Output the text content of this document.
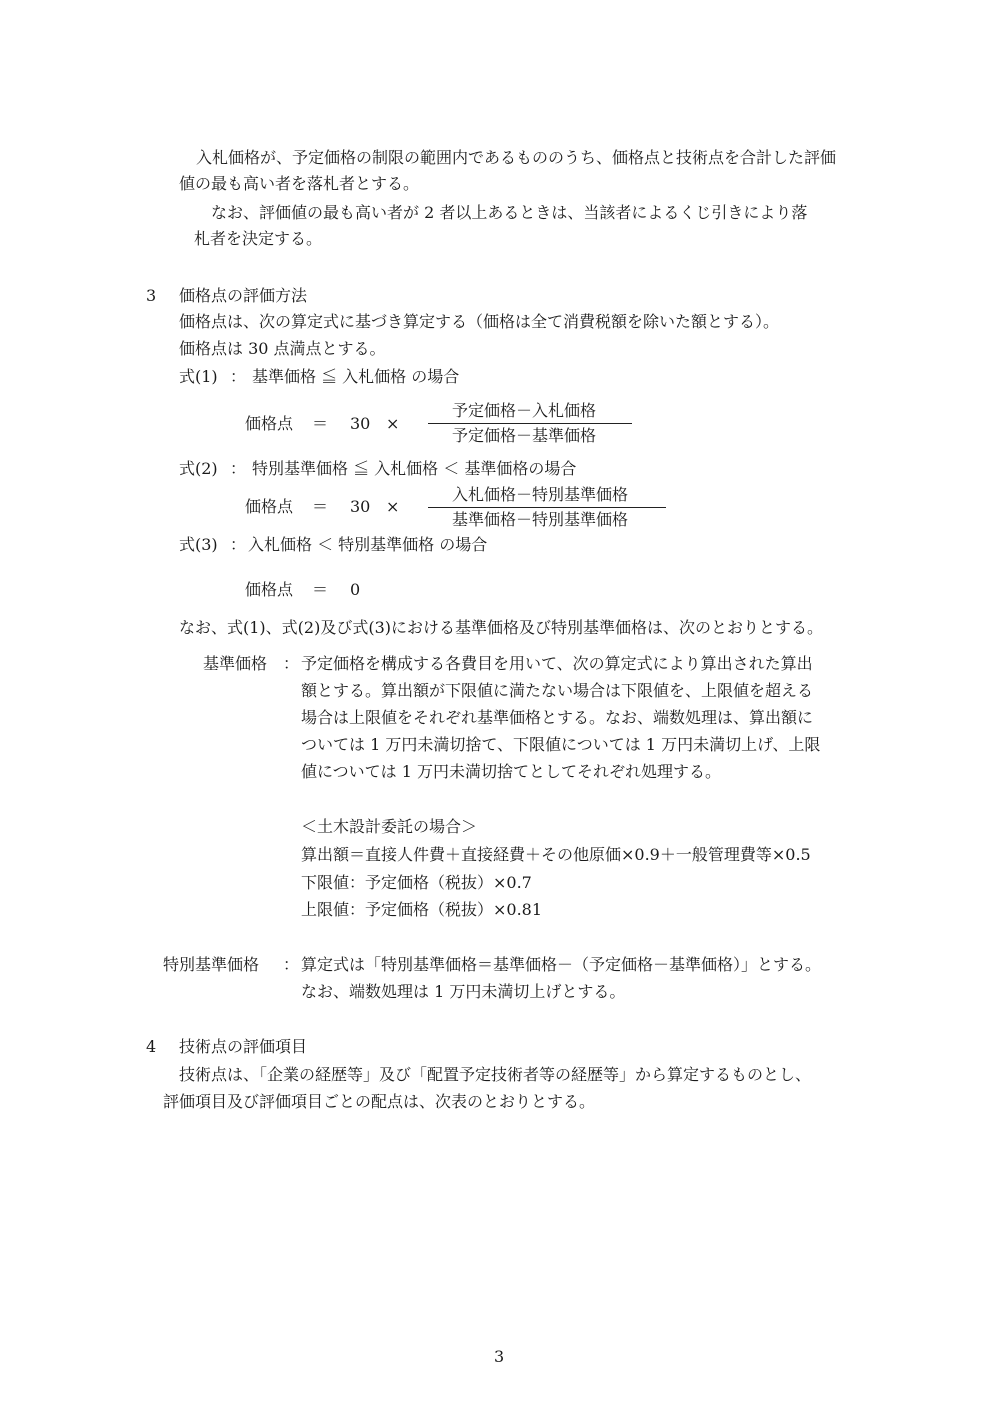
入札価格が、予定価格の制限の範囲内であるもののうち、価格点と技術点を合計した評価
値の最も高い者を落札者とする。
なお、評価値の最も高い者が 2 者以上あるときは、当該者によるくじ引きにより落
札者を決定する。
3 価格点の評価方法
価格点は、次の算定式に基づき算定する（価格は全て消費税額を除いた額とする）。
価格点は 30 点満点とする。
式(1) ： 基準価格 ≦ 入札価格 の場合
価格点 ＝ 30 ×
予定価格－入札価格
予定価格－基準価格
式(2) ： 特別基準価格 ≦ 入札価格 ＜ 基準価格の場合
価格点 ＝ 30 ×
入札価格－特別基準価格
基準価格－特別基準価格
式(3) ： 入札価格 ＜ 特別基準価格 の場合
価格点 ＝ 0
なお、式(1)、式(2)及び式(3)における基準価格及び特別基準価格は、次のとおりとする。
基準価格 ： 予定価格を構成する各費目を用いて、次の算定式により算出された算出
額とする。算出額が下限値に満たない場合は下限値を、上限値を超える
場合は上限値をそれぞれ基準価格とする。なお、端数処理は、算出額に
ついては 1 万円未満切捨て、下限値については 1 万円未満切上げ、上限
値については 1 万円未満切捨てとしてそれぞれ処理する。
＜土木設計委託の場合＞
算出額＝直接人件費＋直接経費＋その他原価×0.9＋一般管理費等×0.5
下限値：予定価格（税抜）×0.7
上限値：予定価格（税抜）×0.81
特別基準価格 ： 算定式は「特別基準価格＝基準価格－（予定価格－基準価格）」とする。
なお、端数処理は 1 万円未満切上げとする。
4 技術点の評価項目
技術点は、「企業の経歴等」及び「配置予定技術者等の経歴等」から算定するものとし、
評価項目及び評価項目ごとの配点は、次表のとおりとする。
3
